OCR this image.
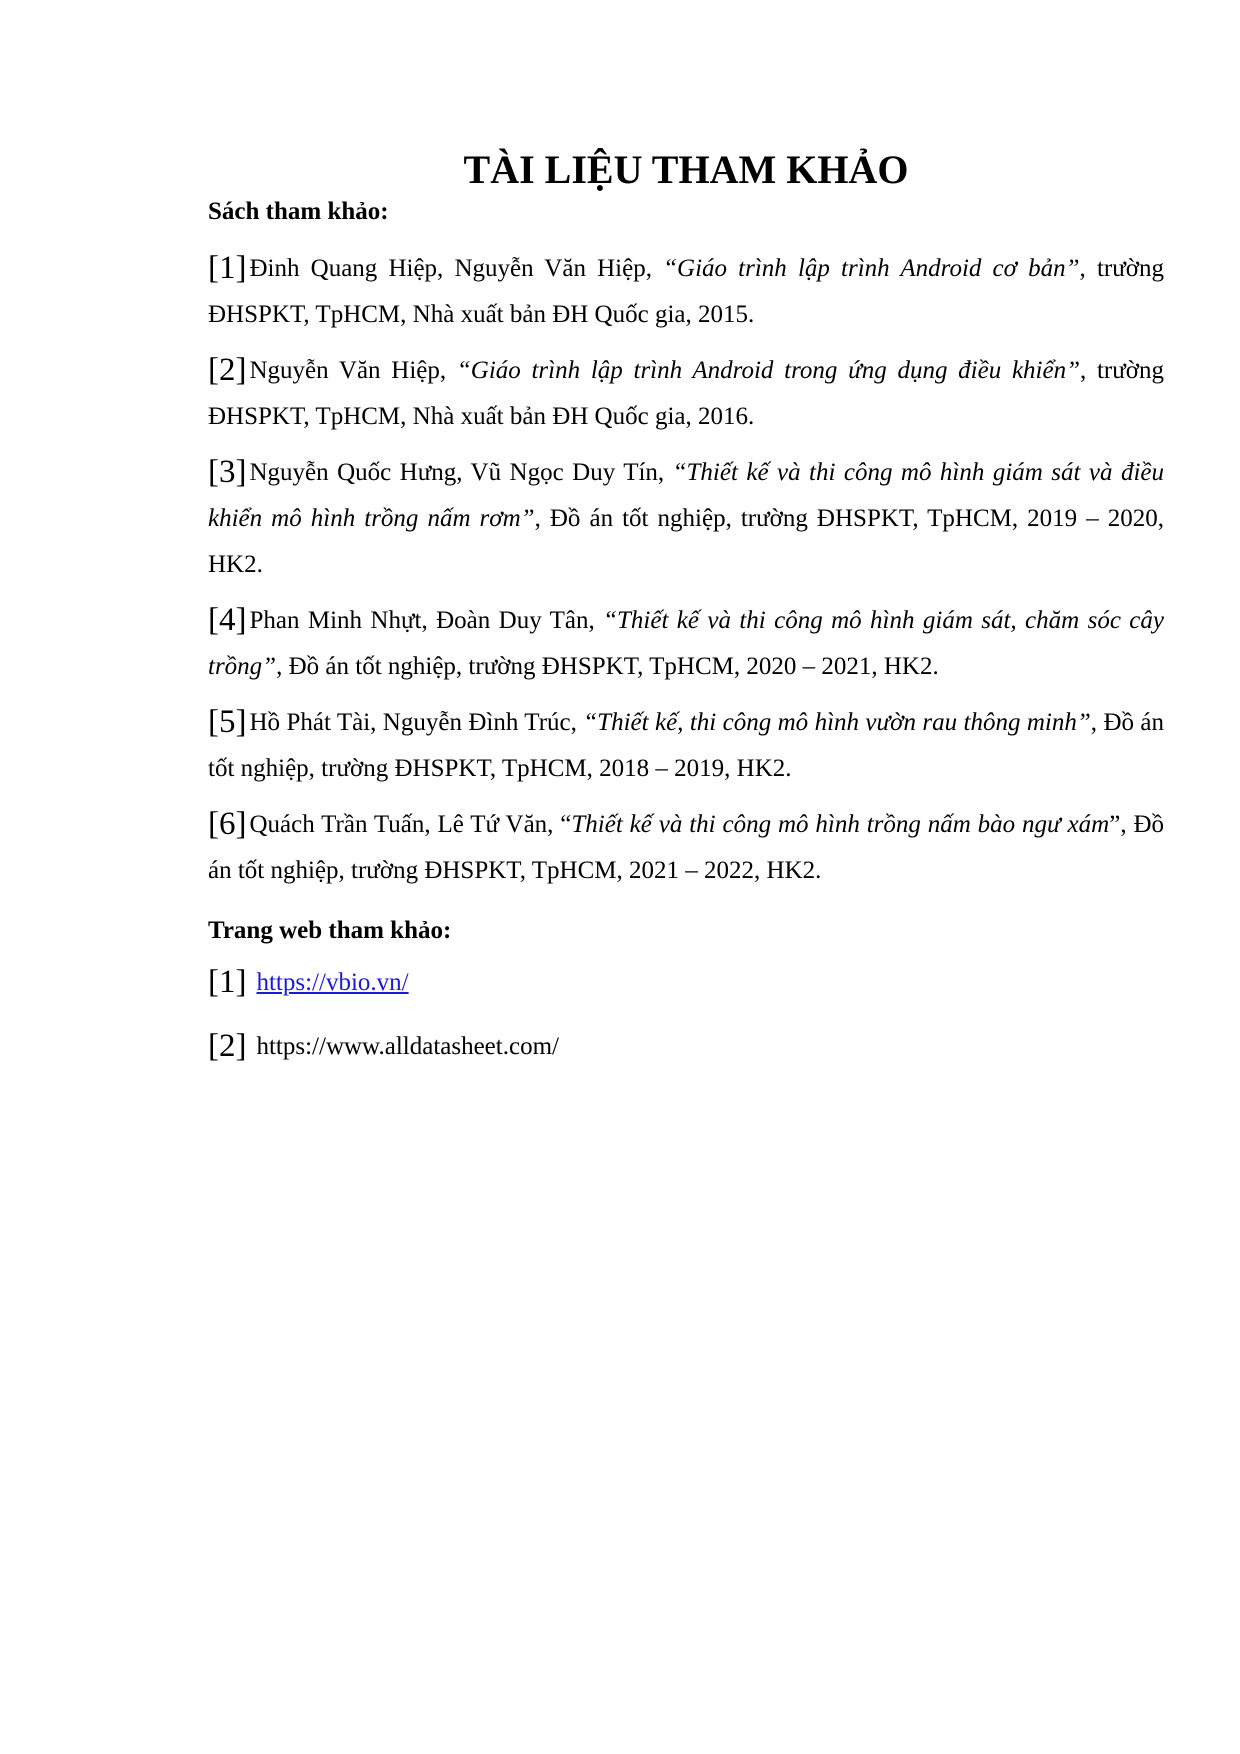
TÀI LIỆU THAM KHẢO
Sách tham khảo:
[1] Đinh Quang Hiệp, Nguyễn Văn Hiệp, “Giáo trình lập trình Android cơ bản”, trường ĐHSPKT, TpHCM, Nhà xuất bản ĐH Quốc gia, 2015.
[2] Nguyễn Văn Hiệp, “Giáo trình lập trình Android trong ứng dụng điều khiển”, trường ĐHSPKT, TpHCM, Nhà xuất bản ĐH Quốc gia, 2016.
[3] Nguyễn Quốc Hưng, Vũ Ngọc Duy Tín, “Thiết kế và thi công mô hình giám sát và điều khiển mô hình trồng nấm rơm”, Đồ án tốt nghiệp, trường ĐHSPKT, TpHCM, 2019 – 2020, HK2.
[4] Phan Minh Nhựt, Đoàn Duy Tân, “Thiết kế và thi công mô hình giám sát, chăm sóc cây trồng”, Đồ án tốt nghiệp, trường ĐHSPKT, TpHCM, 2020 – 2021, HK2.
[5] Hồ Phát Tài, Nguyễn Đình Trúc, “Thiết kế, thi công mô hình vườn rau thông minh”, Đồ án tốt nghiệp, trường ĐHSPKT, TpHCM, 2018 – 2019, HK2.
[6] Quách Trần Tuấn, Lê Tứ Văn, “Thiết kế và thi công mô hình trồng nấm bào ngư xám”, Đồ án tốt nghiệp, trường ĐHSPKT, TpHCM, 2021 – 2022, HK2.
Trang web tham khảo:
[1] https://vbio.vn/
[2] https://www.alldatasheet.com/
